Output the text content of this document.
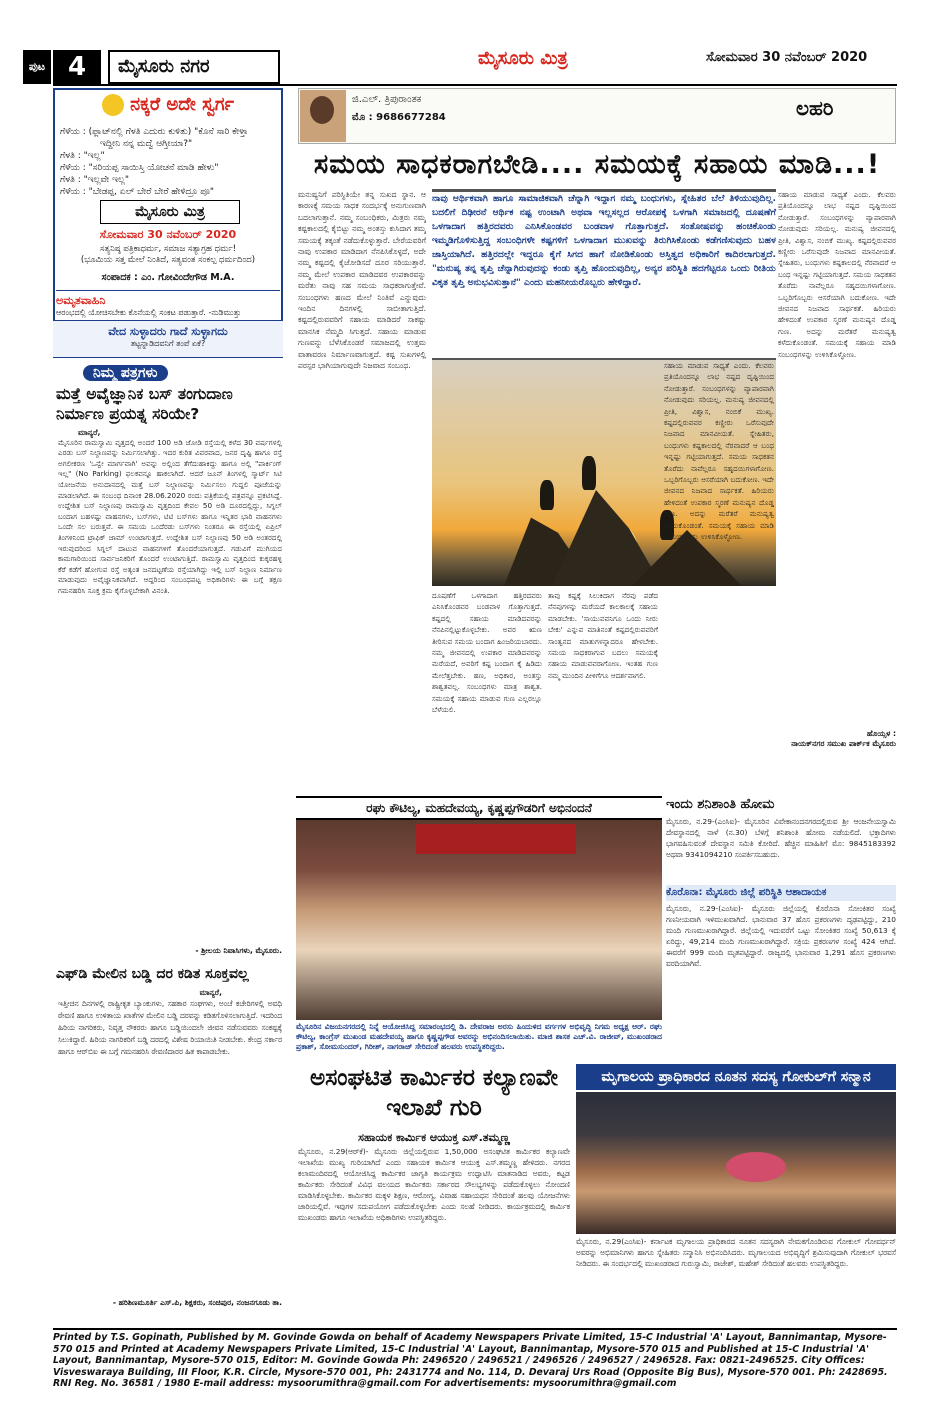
ಪುಟ 4	ಮೈಸೂರು ನಗರ	ಮೈಸೂರು ಮಿತ್ರ	ಸೋಮವಾರ 30 ನವೆಂಬರ್ 2020
ನಕ್ಕರೆ ಅದೇ ಸ್ವರ್ಗ
ಗೆಳೆಯ : (ಫ್ಲಾಟ್‌ನಲ್ಲಿ ಗೆಳತಿ ಎದುರು ಕುಳಿತು) "ಕೊನೆ ಸಾರಿ ಕೇಳ್ತಾ
ಇದ್ದೀನಿ ನನ್ನ ಮದ್ವೆ ಆಗ್ತೀಯಾ?"
ಗೆಳತಿ : "ಇಲ್ಲ"
ಗೆಳೆಯ : "ಸರಿಯಪ್ಪ ಸಾಯಿಸ್ತಿ ಯೋಚನೆ ಮಾಡಿ ಹೇಳು"
ಗೆಳತಿ : "ಇಲ್ಲವೇ ಇಲ್ಲ"
ಗೆಳೆಯ : "ಬೇಡಪ್ಪ, ಏಲ್ ಬೇರೆ ಬೇರೆ ಹೇಳಿದ್ರೂ ಪೂ"
ಮೈಸೂರು ಮಿತ್ರ
ಸೋಮವಾರ 30 ನವೆಂಬರ್ 2020
ಸತ್ಯನಿಷ್ಠ ಪತ್ರಿಕಾಧರ್ಮ, ಸಮಾಜ ಸತ್ಯಾಗ್ರಹ ಧರ್ಮ!
(ಭೂಮಿಯ ಸತ್ತ ಮೇಲೆ ನಿಂತಿದೆ, ಸತ್ಯವಂತ ಸಂಕಲ್ಪ ಧರ್ಮದಿಂದ)
ಸಂಪಾದಕ : ಎಂ. ಗೋವಿಂದೇಗೌಡ M.A.
ಅಮೃತವಾಹಿನಿ
ಆರಂಭದಲ್ಲಿ ಯೋಚಿಸಬೇಕು ಕೊನೆಯಲ್ಲಿ ಸಂಕಟ ಪಡುತ್ತಾರೆ. -ನುಡಿಮುತ್ತು
ವೇದ ಸುಳ್ಳಾದರು ಗಾದೆ ಸುಳ್ಳಾಗದು
ತಟ್ಟನ್ನಾಡಿದವನಿಗೆ ತಂಪೆ ಏಕೆ?
ನಿಮ್ಮ ಪತ್ರಗಳು
ಮತ್ತೆ ಅವೈಜ್ಞಾನಿಕ ಬಸ್ ತಂಗುದಾಣ ನಿರ್ಮಾಣ ಪ್ರಯತ್ನ ಸರಿಯೇ?
ಮಾನ್ಯರೆ,
ಮೈಸೂರಿನ ರಾಮಸ್ವಾಮಿ ವೃತ್ತದಲ್ಲಿ ಅಂದರೆ 100 ಅಡಿ ಜೋಡಿ ರಸ್ತೆಯಲ್ಲಿ ಕಳೆದ 30 ವರ್ಷಗಳಲ್ಲಿ ಎರಡು ಬಸ್ ನಿಲ್ದಾಣವನ್ನು ನಿರ್ಮಿಸಲಾಗಿತ್ತು. ಇದರ ಕುರಿತ ವಿವರವಾದ, ಜನರ ದೃಷ್ಟಿ ಹಾಗೂ ರಸ್ತೆ ಅಗಲೀಕರಣ 'ಒನ್ವೇ ಮಾರ್ಗವಾಗಿ' ಅವನ್ನು ಅಲ್ಲಿಂದ ತೆಗೆದುಹಾಕಿದ್ದು ಹಾಗೂ ಅಲ್ಲಿ "ಪಾರ್ಕಿಂಗ್ ಇಲ್ಲ" (No Parking) ಫಲಕವನ್ನೂ ಹಾಕಲಾಗಿದೆ. ಆದರೆ ಜೂನ್ ತಿಂಗಳಲ್ಲಿ ಸ್ಮಾರ್ಟ್ ಸಿಟಿ ಯೋಜನೆಯ ಅನುದಾನದಲ್ಲಿ ಮತ್ತೆ ಬಸ್ ನಿಲ್ದಾಣವನ್ನು ನಿರ್ಮಿಸಲು ಗುದ್ದಲಿ ಪೂಜೆಯನ್ನು ಮಾಡಲಾಗಿದೆ. ಈ ಸಂಬಂಧ ದಿನಾಂಕ 28.06.2020 ರಂದು ಪತ್ರಿಕೆಯಲ್ಲಿ ಪತ್ರವನ್ನೂ ಪ್ರಕಟಿಸಿದ್ದೆ. ಉದ್ದೇಶಿತ ಬಸ್ ನಿಲ್ದಾಣವು ರಾಮಸ್ವಾಮಿ ವೃತ್ತದಿಂದ ಕೇವಲ 50 ಅಡಿ ದೂರದಲ್ಲಿದ್ದು, ಸಿಗ್ನಲ್ ಬಂದಾಗ ಬಹಳಷ್ಟು ವಾಹನಗಳು, ಬಸ್‌ಗಳು, ಟಿಟಿ ಬಸ್‌ಗಳು ಹಾಗೂ ಇನ್ನಿತರ ಭಾರಿ ವಾಹನಗಳು ಒಂದೇ ಸಲ ಬರುತ್ತವೆ. ಈ ಸಮಯ ಒಂದೆರಡು ಬಸ್‌ಗಳು ನಿಂತರೂ ಈ ರಸ್ತೆಯಲ್ಲಿ ಏಪ್ರಿಲ್ ತಿಂಗಳಿನಿಂದ ಟ್ರಾಫಿಕ್ ಜಾಮ್ ಉಂಟಾಗುತ್ತದೆ. ಉದ್ದೇಶಿತ ಬಸ್ ನಿಲ್ದಾಣವು 50 ಅಡಿ ಅಂತರದಲ್ಲಿ ಇರುವುದರಿಂದ ಸಿಗ್ನಲ್ ದಾಟುವ ವಾಹನಗಳಿಗೆ ತೊಂದರೆಯಾಗುತ್ತದೆ. ಗಡುವಿಗೆ ಮುಗಿಯದ ಕಾಮಗಾರಿಯಿಂದ ಸಾರ್ವಜನಿಕರಿಗೆ ತೊಂದರೆ ಉಂಟಾಗುತ್ತಿದೆ. ರಾಮಸ್ವಾಮಿ ವೃತ್ತದಿಂದ ಕುಕ್ಕರಹಳ್ಳಿ ಕೆರೆ ಕಡೆಗೆ ಹೋಗುವ ರಸ್ತೆ ಅತ್ಯಂತ ಜನದಟ್ಟಣೆಯ ರಸ್ತೆಯಾಗಿದ್ದು ಇಲ್ಲಿ ಬಸ್ ನಿಲ್ದಾಣ ನಿರ್ಮಾಣ ಮಾಡುವುದು ಅವೈಜ್ಞಾನಿಕವಾಗಿದೆ. ಆದ್ದರಿಂದ ಸಂಬಂಧಪಟ್ಟ ಅಧಿಕಾರಿಗಳು ಈ ಬಗ್ಗೆ ತಕ್ಷಣ ಗಮನಹರಿಸಿ ಸೂಕ್ತ ಕ್ರಮ ಕೈಗೊಳ್ಳಬೇಕಾಗಿ ವಿನಂತಿ.
- ಶ್ರೀಲಯ ನಿವಾಸಿಗಳು, ಮೈಸೂರು.
ಎಫ್‌ಡಿ ಮೇಲಿನ ಬಡ್ಡಿ ದರ ಕಡಿತ ಸೂಕ್ತವಲ್ಲ
ಮಾನ್ಯರೆ,
ಇತ್ತೀಚಿನ ದಿನಗಳಲ್ಲಿ ರಾಷ್ಟ್ರೀಕೃತ ಬ್ಯಾಂಕುಗಳು, ಸಹಕಾರ ಸಂಘಗಳು, ಅಂಚೆ ಕಚೇರಿಗಳಲ್ಲಿ ಅವಧಿ ಠೇವಣಿ ಹಾಗೂ ಉಳಿತಾಯ ಖಾತೆಗಳ ಮೇಲಿನ ಬಡ್ಡಿ ದರವನ್ನು ಕಡಿತಗೊಳಿಸಲಾಗುತ್ತಿದೆ. ಇದರಿಂದ ಹಿರಿಯ ನಾಗರಿಕರು, ನಿವೃತ್ತ ನೌಕರರು ಹಾಗೂ ಬಡ್ಡಿಯಿಂದಲೇ ಜೀವನ ನಡೆಸುವವರು ಸಂಕಷ್ಟಕ್ಕೆ ಸಿಲುಕಿದ್ದಾರೆ. ಹಿರಿಯ ನಾಗರಿಕರಿಗೆ ಬಡ್ಡಿ ದರದಲ್ಲಿ ವಿಶೇಷ ರಿಯಾಯಿತಿ ನೀಡಬೇಕು. ಕೇಂದ್ರ ಸರ್ಕಾರ ಹಾಗೂ ಆರ್‌ಬಿಐ ಈ ಬಗ್ಗೆ ಗಮನಹರಿಸಿ ಠೇವಣಿದಾರರ ಹಿತ ಕಾಪಾಡಬೇಕು.
- ಹರಿಶಿಣಮೂರ್ತಿ ಎಸ್.ಪಿ, ಶಿಕ್ಷಕರು, ಸಂಚಿಪುರ, ನಂಜನಗೂಡು ತಾ.
ಜಿ.ಎಲ್. ತ್ರಿಪುರಾಂತಕ
ಮೊ : 9686677284	ಲಹರಿ
ಸಮಯ ಸಾಧಕರಾಗಬೇಡಿ.... ಸಮಯಕ್ಕೆ ಸಹಾಯ ಮಾಡಿ...!
ಮನುಷ್ಯನಿಗೆ ಪರಿಸ್ಥಿತಿಯೇ ತನ್ನ ಸುಖದ ಸ್ಥಾನ. ಆ ಕಾರಣಕ್ಕೆ ಸಮಯ ಸಾಧಕ ಸಂದರ್ಭಕ್ಕೆ ಅನುಗುಣವಾಗಿ ಬದಲಾಗುತ್ತಾನೆ. ನಮ್ಮ ಸಂಬಂಧಿಕರು, ಮಿತ್ರರು ನಮ್ಮ ಕಷ್ಟಕಾಲದಲ್ಲಿ ಕೈಬಿಟ್ಟು ನಮ್ಮ ಅಂತಸ್ತು ಕುಸಿದಾಗ ತಮ್ಮ ಸಮಯಕ್ಕೆ ತಕ್ಕಂತೆ ನಡೆದುಕೊಳ್ಳುತ್ತಾರೆ. ಬೇರೆಯವರಿಗೆ ನಾವು ಉಪಕಾರ ಮಾಡಿದಾಗ ನೆನಪಿಸಿಕೊಳ್ಳದೆ, ಅದೇ ನಮ್ಮ ಕಷ್ಟದಲ್ಲಿ ಕೈಜೋಡಿಸದೆ ದೂರ ಸರಿಯುತ್ತಾರೆ. ನಮ್ಮ ಮೇಲೆ ಉಪಕಾರ ಮಾಡಿದವರ ಉಪಕಾರವನ್ನು ಮರೆತು ನಾವು ಸಹ ಸಮಯ ಸಾಧಕರಾಗುತ್ತೇವೆ. ಸಂಬಂಧಗಳು ಹಣದ ಮೇಲೆ ನಿಂತಿವೆ ಎನ್ನುವುದು ಇಂದಿನ ದಿನಗಳಲ್ಲಿ ಸಾಬೀತಾಗುತ್ತಿದೆ. ಕಷ್ಟದಲ್ಲಿರುವವರಿಗೆ ಸಹಾಯ ಮಾಡಿದರೆ ಸಾಕಷ್ಟು ಮಾನಸಿಕ ನೆಮ್ಮದಿ ಸಿಗುತ್ತದೆ. ಸಹಾಯ ಮಾಡುವ ಗುಣವನ್ನು ಬೆಳೆಸಿಕೊಂಡರೆ ಸಮಾಜದಲ್ಲಿ ಉತ್ತಮ ವಾತಾವರಣ ನಿರ್ಮಾಣವಾಗುತ್ತದೆ. ಕಷ್ಟ ಸುಖಗಳಲ್ಲಿ ಪರಸ್ಪರ ಭಾಗಿಯಾಗುವುದೇ ನಿಜವಾದ ಸಂಬಂಧ.
ನಾವು ಆರ್ಥಿಕವಾಗಿ ಹಾಗೂ ಸಾಮಾಜಿಕವಾಗಿ ಚೆನ್ನಾಗಿ ಇದ್ದಾಗ ನಮ್ಮ ಬಂಧುಗಳು, ಸ್ನೇಹಿತರ ಬೆಲೆ ತಿಳಿಯುವುದಿಲ್ಲ. ಬದಲಿಗೆ ದಿಢೀರನೆ ಆರ್ಥಿಕ ನಷ್ಟ ಉಂಟಾಗಿ ಅಥವಾ ಇಲ್ಲಸಲ್ಲದ ಆರೋಪಕ್ಕೆ ಒಳಗಾಗಿ ಸಮಾಜದಲ್ಲಿ ದೂಷಣೆಗೆ ಒಳಗಾದಾಗ ಹತ್ತಿರದವರು ಎನಿಸಿಕೊಂಡವರ ಬಂಡವಾಳ ಗೊತ್ತಾಗುತ್ತದೆ. ಸಂತೋಷವನ್ನು ಹಂಚಿಕೊಂಡು ಇಮ್ಮಡಿಗೊಳಿಸುತ್ತಿದ್ದ ಸಂಬಂಧಿಗಳೇ ಕಷ್ಟಗಳಿಗೆ ಒಳಗಾದಾಗ ಮುಖವನ್ನು ತಿರುಗಿಸಿಕೊಂಡು ಕಡೆಗಣಿಸುವುದು ಬಹಳ ಜಾಸ್ತಿಯಾಗಿದೆ. ಹತ್ತಿರದಲ್ಲೇ ಇದ್ದರೂ ಕೈಗೆ ಸಿಗದ ಹಾಗೆ ನೋಡಿಕೊಂಡು ಅಸ್ತಿತ್ವದ ಅಧಿಕಾರಿಗೆ ಕಾದಿರಲಾಗುತ್ತದೆ. "ಮನುಷ್ಯ ತನ್ನ ತೃಪ್ತಿ ಚೆನ್ನಾಗಿರುವುದನ್ನು ಕಂಡು ತೃಪ್ತಿ ಹೊಂದುವುದಿಲ್ಲ, ಅನ್ಯರ ಪರಿಸ್ಥಿತಿ ಹದಗೆಟ್ಟರೂ ಒಂದು ರೀತಿಯ ವಿಕೃತ ತೃಪ್ತಿ ಅನುಭವಿಸುತ್ತಾನೆ" ಎಂದು ಮಹನೀಯರೊಬ್ಬರು ಹೇಳಿದ್ದಾರೆ.
ದೂಷಣೆಗೆ ಒಳಗಾದಾಗ ಹತ್ತಿರದವರು ಎನಿಸಿಕೊಂಡವರ ಬಂಡವಾಳ ಗೊತ್ತಾಗುತ್ತದೆ. ಕಷ್ಟದಲ್ಲಿ ಸಹಾಯ ಮಾಡಿದವರನ್ನು ನೆನಪಿನಲ್ಲಿಟ್ಟುಕೊಳ್ಳಬೇಕು. ಅವರ ಋಣ ತೀರಿಸುವ ಸಮಯ ಬಂದಾಗ ಹಿಂಜರಿಯಬಾರದು. ನಮ್ಮ ಜೀವನದಲ್ಲಿ ಉಪಕಾರ ಮಾಡಿದವರನ್ನು ಮರೆಯದೆ, ಅವರಿಗೆ ಕಷ್ಟ ಬಂದಾಗ ಕೈ ಹಿಡಿದು ಮೇಲೆತ್ತಬೇಕು. ಹಣ, ಅಧಿಕಾರ, ಅಂತಸ್ತು ಶಾಶ್ವತವಲ್ಲ. ಸಂಬಂಧಗಳು ಮಾತ್ರ ಶಾಶ್ವತ. ಸಮಯಕ್ಕೆ ಸಹಾಯ ಮಾಡುವ ಗುಣ ಎಲ್ಲರಲ್ಲೂ ಬೆಳೆಯಲಿ.
ತಾವು ಕಷ್ಟಕ್ಕೆ ಸಿಲುಕಿದಾಗ ನೆರವು ಪಡೆದ ನೆನಪುಗಳನ್ನು ಮರೆಯದೆ ಕಾಲಕಾಲಕ್ಕೆ ಸಹಾಯ ಮಾಡಬೇಕು. 'ಸಾಯುವವನಿಗೂ ಒಂದು ನೀರು ಬೇಕು' ಎನ್ನುವ ಮಾತಿನಂತೆ ಕಷ್ಟದಲ್ಲಿರುವವರಿಗೆ ಸಾಂತ್ವನದ ಮಾತುಗಳನ್ನಾದರೂ ಹೇಳಬೇಕು. ಸಮಯ ಸಾಧಕರಾಗುವ ಬದಲು ಸಮಯಕ್ಕೆ ಸಹಾಯ ಮಾಡುವವರಾಗೋಣ. ಇಂತಹ ಗುಣ ನಮ್ಮ ಮುಂದಿನ ಪೀಳಿಗೆಗೂ ಆದರ್ಶವಾಗಲಿ.
ಸಹಾಯ ಮಾಡುವ ಸಾಧ್ಯತೆ ಎಂದು. ಕೆಲವರು ಪ್ರತಿಯೊಂದನ್ನೂ ಲಾಭ ನಷ್ಟದ ದೃಷ್ಟಿಯಿಂದ ನೋಡುತ್ತಾರೆ. ಸಂಬಂಧಗಳನ್ನು ವ್ಯಾಪಾರವಾಗಿ ನೋಡುವುದು ಸರಿಯಲ್ಲ. ಮನುಷ್ಯ ಜೀವನದಲ್ಲಿ ಪ್ರೀತಿ, ವಿಶ್ವಾಸ, ನಂಬಿಕೆ ಮುಖ್ಯ. ಕಷ್ಟದಲ್ಲಿರುವವರ ಕಣ್ಣೀರು ಒರೆಸುವುದೇ ನಿಜವಾದ ಮಾನವೀಯತೆ. ಸ್ನೇಹಿತರು, ಬಂಧುಗಳು ಕಷ್ಟಕಾಲದಲ್ಲಿ ನೆರವಾದರೆ ಆ ಬಂಧ ಇನ್ನಷ್ಟು ಗಟ್ಟಿಯಾಗುತ್ತದೆ. ಸಮಯ ಸಾಧಕತನ ತೊರೆದು ನಾವೆಲ್ಲರೂ ಸಹೃದಯಿಗಳಾಗೋಣ. ಒಬ್ಬರಿಗೊಬ್ಬರು ಆಸರೆಯಾಗಿ ಬದುಕೋಣ. ಇದೇ ಜೀವನದ ನಿಜವಾದ ಸಾರ್ಥಕತೆ. ಹಿರಿಯರು ಹೇಳಿದಂತೆ ಉಪಕಾರ ಸ್ಮರಣೆ ಮನುಷ್ಯನ ದೊಡ್ಡ ಗುಣ. ಅದನ್ನು ಮರೆತರೆ ಮನುಷ್ಯತ್ವ ಕಳೆದುಕೊಂಡಂತೆ. ಸಮಯಕ್ಕೆ ಸಹಾಯ ಮಾಡಿ ಸಂಬಂಧಗಳನ್ನು ಉಳಿಸಿಕೊಳ್ಳೋಣ.
ಸಹಾಯ ಮಾಡುವ ಸಾಧ್ಯತೆ ಎಂದು. ಕೆಲವರು ಪ್ರತಿಯೊಂದನ್ನೂ ಲಾಭ ನಷ್ಟದ ದೃಷ್ಟಿಯಿಂದ ನೋಡುತ್ತಾರೆ. ಸಂಬಂಧಗಳನ್ನು ವ್ಯಾಪಾರವಾಗಿ ನೋಡುವುದು ಸರಿಯಲ್ಲ. ಮನುಷ್ಯ ಜೀವನದಲ್ಲಿ ಪ್ರೀತಿ, ವಿಶ್ವಾಸ, ನಂಬಿಕೆ ಮುಖ್ಯ. ಕಷ್ಟದಲ್ಲಿರುವವರ ಕಣ್ಣೀರು ಒರೆಸುವುದೇ ನಿಜವಾದ ಮಾನವೀಯತೆ. ಸ್ನೇಹಿತರು, ಬಂಧುಗಳು ಕಷ್ಟಕಾಲದಲ್ಲಿ ನೆರವಾದರೆ ಆ ಬಂಧ ಇನ್ನಷ್ಟು ಗಟ್ಟಿಯಾಗುತ್ತದೆ. ಸಮಯ ಸಾಧಕತನ ತೊರೆದು ನಾವೆಲ್ಲರೂ ಸಹೃದಯಿಗಳಾಗೋಣ. ಒಬ್ಬರಿಗೊಬ್ಬರು ಆಸರೆಯಾಗಿ ಬದುಕೋಣ. ಇದೇ ಜೀವನದ ನಿಜವಾದ ಸಾರ್ಥಕತೆ. ಹಿರಿಯರು ಹೇಳಿದಂತೆ ಉಪಕಾರ ಸ್ಮರಣೆ ಮನುಷ್ಯನ ದೊಡ್ಡ ಗುಣ. ಅದನ್ನು ಮರೆತರೆ ಮನುಷ್ಯತ್ವ ಕಳೆದುಕೊಂಡಂತೆ. ಸಮಯಕ್ಕೆ ಸಹಾಯ ಮಾಡಿ ಸಂಬಂಧಗಳನ್ನು ಉಳಿಸಿಕೊಳ್ಳೋಣ.
ಹೊಯ್ಸಳ :
ನಾಯಕ್‌ನಗರ ಸಮುಖ ಪಾರ್ಕ್‌ಕ ಮೈಸೂರು
ರಘು ಕೌಟಿಲ್ಯ, ಮಹದೇವಯ್ಯ, ಕೃಷ್ಣಪ್ಪಗೌಡರಿಗೆ ಅಭಿನಂದನೆ
ಮೈಸೂರಿನ ವಿಜಯನಗರದಲ್ಲಿ ನಿನ್ನೆ ಆಯೋಜಿಸಿದ್ದ ಸಮಾರಂಭದಲ್ಲಿ ಡಿ. ದೇವರಾಜ ಅರಸು ಹಿಂದುಳಿದ ವರ್ಗಗಳ ಅಭಿವೃದ್ಧಿ ನಿಗಮ ಅಧ್ಯಕ್ಷ ಆರ್. ರಘು ಕೌಟಿಲ್ಯ, ಕಾಂಗ್ರೆಸ್ ಮುಖಂಡ ಮಹದೇವಯ್ಯ ಹಾಗೂ ಕೃಷ್ಣಪ್ಪಗೌಡ ಅವರನ್ನು ಅಭಿನಂದಿಸಲಾಯಿತು. ಮಾಜಿ ಶಾಸಕ ಎಚ್.ವಿ. ರಾಜೀವ್, ಮುಖಂಡರಾದ ಪ್ರಕಾಶ್, ಸೋಮಸುಂದರ್, ಗಿರೀಶ್, ನಾಗರಾಜ್ ಸೇರಿದಂತೆ ಹಲವರು ಉಪಸ್ಥಿತರಿದ್ದರು.
ಇಂದು ಶನಿಶಾಂತಿ ಹೋಮ
ಮೈಸೂರು, ನ.29-(ಎಂಸಿಐ)- ಮೈಸೂರಿನ ವಿವೇಕಾನಂದನಗರದಲ್ಲಿರುವ ಶ್ರೀ ಆಂಜನೇಯಸ್ವಾಮಿ ದೇವಸ್ಥಾನದಲ್ಲಿ ನಾಳೆ (ನ.30) ಬೆಳಿಗ್ಗೆ ಶನಿಶಾಂತಿ ಹೋಮ ನಡೆಯಲಿದೆ. ಭಕ್ತಾದಿಗಳು ಭಾಗವಹಿಸುವಂತೆ ದೇವಸ್ಥಾನ ಸಮಿತಿ ಕೋರಿದೆ. ಹೆಚ್ಚಿನ ಮಾಹಿತಿಗೆ ಮೊ: 9845183392 ಅಥವಾ 9341094210 ಸಂಪರ್ಕಿಸಬಹುದು.
ಕೊರೊನಾ: ಮೈಸೂರು ಜಿಲ್ಲೆ ಪರಿಸ್ಥಿತಿ ಆಶಾದಾಯಕ
ಮೈಸೂರು, ನ.29-(ಎಂಸಿಐ)- ಮೈಸೂರು ಜಿಲ್ಲೆಯಲ್ಲಿ ಕೊರೊನಾ ಸೋಂಕಿತರ ಸಂಖ್ಯೆ ಗಣನೀಯವಾಗಿ ಇಳಿಮುಖವಾಗಿದೆ. ಭಾನುವಾರ 37 ಹೊಸ ಪ್ರಕರಣಗಳು ದೃಢಪಟ್ಟಿದ್ದು, 210 ಮಂದಿ ಗುಣಮುಖರಾಗಿದ್ದಾರೆ. ಜಿಲ್ಲೆಯಲ್ಲಿ ಇದುವರೆಗೆ ಒಟ್ಟು ಸೋಂಕಿತರ ಸಂಖ್ಯೆ 50,613 ಕ್ಕೆ ಏರಿದ್ದು, 49,214 ಮಂದಿ ಗುಣಮುಖರಾಗಿದ್ದಾರೆ. ಸಕ್ರಿಯ ಪ್ರಕರಣಗಳ ಸಂಖ್ಯೆ 424 ಆಗಿದೆ. ಈವರೆಗೆ 999 ಮಂದಿ ಮೃತಪಟ್ಟಿದ್ದಾರೆ. ರಾಜ್ಯದಲ್ಲಿ ಭಾನುವಾರ 1,291 ಹೊಸ ಪ್ರಕರಣಗಳು ವರದಿಯಾಗಿವೆ.
ಅಸಂಘಟಿತ ಕಾರ್ಮಿಕರ ಕಲ್ಯಾಣವೇ ಇಲಾಖೆ ಗುರಿ
ಸಹಾಯಕ ಕಾರ್ಮಿಕ ಆಯುಕ್ತ ಎಸ್.ತಮ್ಮಣ್ಣ
ಮೈಸೂರು, ನ.29(ಆರ್‌ಕೆ)- ಮೈಸೂರು ಜಿಲ್ಲೆಯಲ್ಲಿರುವ 1,50,000 ಅಸಂಘಟಿತ ಕಾರ್ಮಿಕರ ಕಲ್ಯಾಣವೇ ಇಲಾಖೆಯ ಮುಖ್ಯ ಗುರಿಯಾಗಿದೆ ಎಂದು ಸಹಾಯಕ ಕಾರ್ಮಿಕ ಆಯುಕ್ತ ಎಸ್.ತಮ್ಮಣ್ಣ ಹೇಳಿದರು. ನಗರದ ಕಲಾಮಂದಿರದಲ್ಲಿ ಆಯೋಜಿಸಿದ್ದ ಕಾರ್ಮಿಕರ ಜಾಗೃತಿ ಕಾರ್ಯಕ್ರಮ ಉದ್ಘಾಟಿಸಿ ಮಾತನಾಡಿದ ಅವರು, ಕಟ್ಟಡ ಕಾರ್ಮಿಕರು ಸೇರಿದಂತೆ ವಿವಿಧ ವಲಯದ ಕಾರ್ಮಿಕರು ಸರ್ಕಾರದ ಸೌಲಭ್ಯಗಳನ್ನು ಪಡೆದುಕೊಳ್ಳಲು ನೋಂದಣಿ ಮಾಡಿಸಿಕೊಳ್ಳಬೇಕು. ಕಾರ್ಮಿಕರ ಮಕ್ಕಳ ಶಿಕ್ಷಣ, ಆರೋಗ್ಯ, ವಿವಾಹ ಸಹಾಯಧನ ಸೇರಿದಂತೆ ಹಲವು ಯೋಜನೆಗಳು ಜಾರಿಯಲ್ಲಿವೆ. ಇವುಗಳ ಸದುಪಯೋಗ ಪಡೆದುಕೊಳ್ಳಬೇಕು ಎಂದು ಸಲಹೆ ನೀಡಿದರು. ಕಾರ್ಯಕ್ರಮದಲ್ಲಿ ಕಾರ್ಮಿಕ ಮುಖಂಡರು ಹಾಗೂ ಇಲಾಖೆಯ ಅಧಿಕಾರಿಗಳು ಉಪಸ್ಥಿತರಿದ್ದರು.
ಮೃಗಾಲಯ ಪ್ರಾಧಿಕಾರದ ನೂತನ ಸದಸ್ಯ ಗೋಕುಲ್‌ಗೆ ಸನ್ಮಾನ
ಮೈಸೂರು, ನ.29(ಎಂಸಿಐ)- ಕರ್ನಾಟಕ ಮೃಗಾಲಯ ಪ್ರಾಧಿಕಾರದ ನೂತನ ಸದಸ್ಯರಾಗಿ ನೇಮಕಗೊಂಡಿರುವ ಗೋಕುಲ್ ಗೋವರ್ಧನ್ ಅವರನ್ನು ಅಭಿಮಾನಿಗಳು ಹಾಗೂ ಸ್ನೇಹಿತರು ಸನ್ಮಾನಿಸಿ ಅಭಿನಂದಿಸಿದರು. ಮೃಗಾಲಯದ ಅಭಿವೃದ್ಧಿಗೆ ಶ್ರಮಿಸುವುದಾಗಿ ಗೋಕುಲ್ ಭರವಸೆ ನೀಡಿದರು. ಈ ಸಂದರ್ಭದಲ್ಲಿ ಮುಖಂಡರಾದ ಗುರುಸ್ವಾಮಿ, ರಾಜೇಶ್, ಮಹೇಶ್ ಸೇರಿದಂತೆ ಹಲವರು ಉಪಸ್ಥಿತರಿದ್ದರು.
Printed by T.S. Gopinath, Published by M. Govinde Gowda on behalf of Academy Newspapers Private Limited, 15-C Industrial 'A' Layout, Bannimantap, Mysore-570 015 and Printed at Academy Newspapers Private Limited, 15-C Industrial 'A' Layout, Bannimantap, Mysore-570 015 and Published at 15-C Industrial 'A' Layout, Bannimantap, Mysore-570 015, Editor: M. Govinde Gowda Ph: 2496520 / 2496521 / 2496526 / 2496527 / 2496528. Fax: 0821-2496525. City Offices: Visveswaraya Building, III Floor, K.R. Circle, Mysore-570 001, Ph: 2431774 and No. 114, D. Devaraj Urs Road (Opposite Big Bus), Mysore-570 001. Ph: 2428695. RNI Reg. No. 36581 / 1980 E-mail address: mysoorumithra@gmail.com For advertisements: mysoorumithra@gmail.com
